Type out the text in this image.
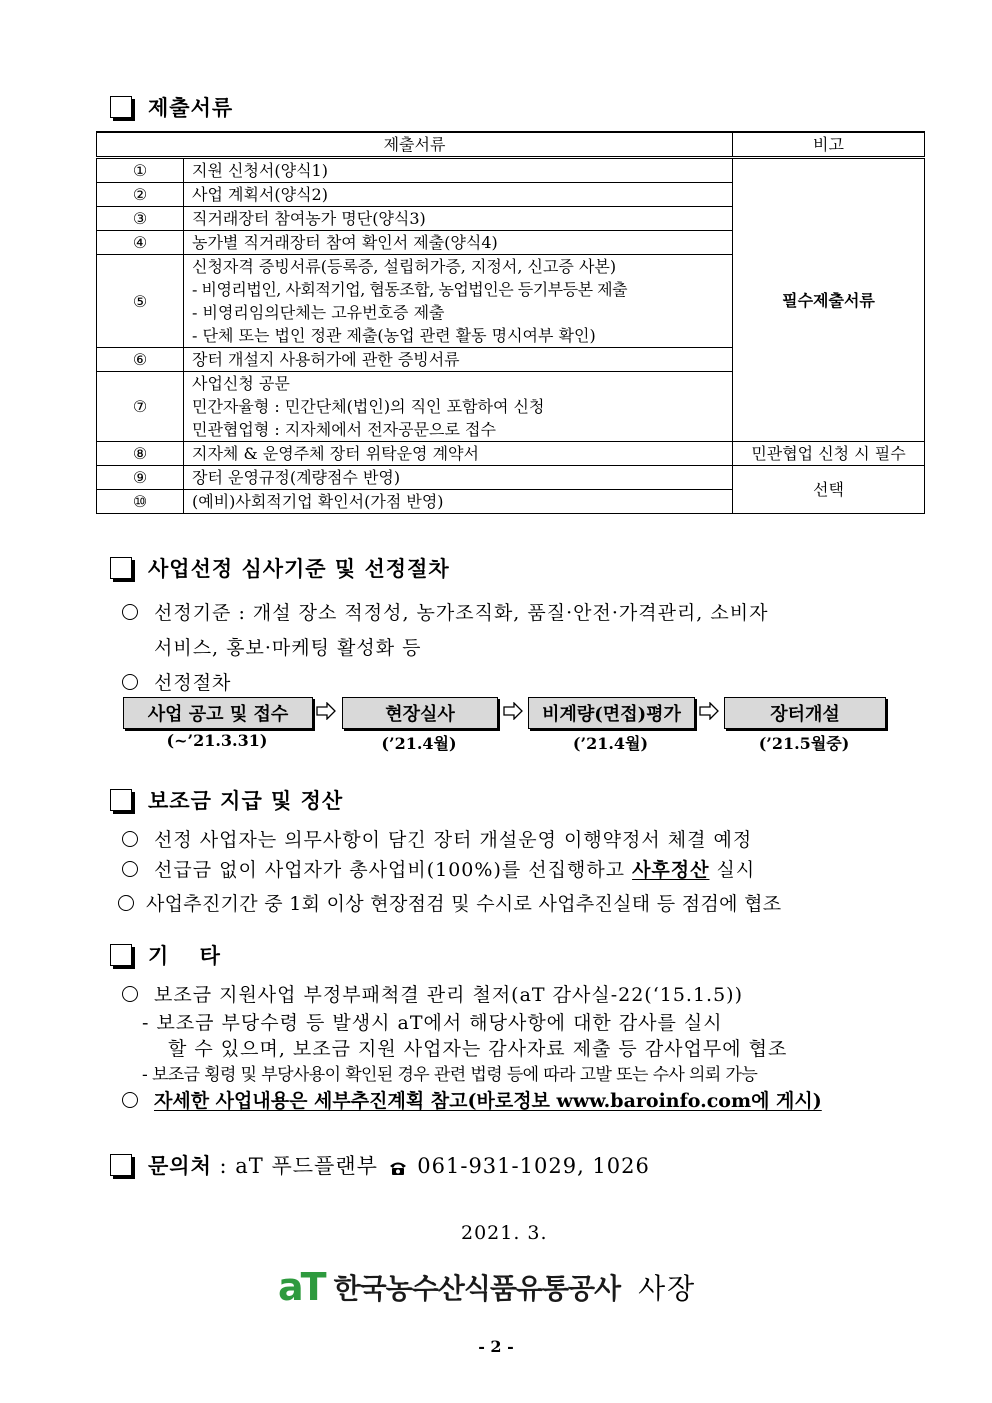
제출서류
제출서류		비고
①	지원 신청서(양식1)	필수제출서류
②	사업 계획서(양식2)	
③	직거래장터 참여농가 명단(양식3)	
④	농가별 직거래장터 참여 확인서 제출(양식4)	
⑤	신청자격 증빙서류(등록증, 설립허가증, 지정서, 신고증 사본)
- 비영리법인, 사회적기업, 협동조합, 농업법인은 등기부등본 제출
- 비영리임의단체는 고유번호증 제출
- 단체 또는 법인 정관 제출(농업 관련 활동 명시여부 확인)	

⑥	장터 개설지 사용허가에 관한 증빙서류	
⑦	사업신청 공문
민간자율형 : 민간단체(법인)의 직인 포함하여 신청
민관협업형 : 지자체에서 전자공문으로 접수	

⑧	지자체 & 운영주체 장터 위탁운영 계약서	민관협업 신청 시 필수
⑨	장터 운영규정(계량점수 반영)	선택
⑩	(예비)사회적기업 확인서(가점 반영)	
사업선정 심사기준 및 선정절차
선정기준 : 개설 장소 적정성, 농가조직화, 품질·안전·가격관리, 소비자
서비스, 홍보·마케팅 활성화 등
선정절차
사업 공고 및 접수	현장실사	비계량(면접)평가	장터개설
(~’21.3.31)	(’21.4월)	(’21.4월)	(’21.5월중)
보조금 지급 및 정산
선정 사업자는 의무사항이 담긴 장터 개설운영 이행약정서 체결 예정
선급금 없이 사업자가 총사업비(100%)를 선집행하고 사후정산 실시
사업추진기간 중 1회 이상 현장점검 및 수시로 사업추진실태 등 점검에 협조
기 타
보조금 지원사업 부정부패척결 관리 철저(aT 감사실-22(‘15.1.5))
- 보조금 부당수령 등 발생시 aT에서 해당사항에 대한 감사를 실시
할 수 있으며, 보조금 지원 사업자는 감사자료 제출 등 감사업무에 협조
- 보조금 횡령 및 부당사용이 확인된 경우 관련 법령 등에 따라 고발 또는 수사 의뢰 가능
자세한 사업내용은 세부추진계획 참고(바로정보 www.baroinfo.com에 게시)
문의처 : aT 푸드플랜부  061-931-1029, 1026
2021. 3.
aT 한국농수산식품유통공사 사장
- 2 -
